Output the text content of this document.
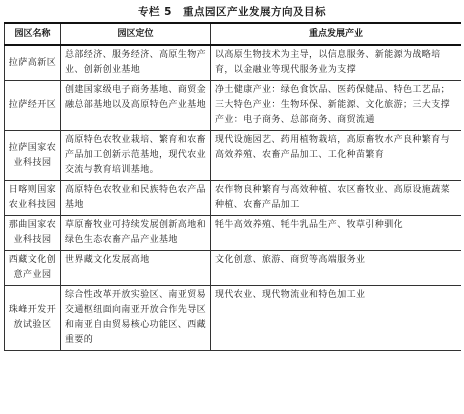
专栏 5　重点园区产业发展方向及目标
园区名称	园区定位	重点发展产业
拉萨高新区	总部经济、服务经济、高原生物产业、创新创业基地	以高原生物技术为主导，以信息服务、新能源为战略培育，以金融业等现代服务业为支撑
拉萨经开区	创建国家级电子商务基地、商贸金融总部基地以及高原特色产业基地	净土健康产业：绿色食饮品、医药保健品、特色工艺品；三大特色产业：生物环保、新能源、文化旅游；三大支撑产业：电子商务、总部商务、商贸流通
拉萨国家农业科技园	高原特色农牧业栽培、繁育和农畜产品加工创新示范基地，现代农业交流与教育培训基地。	现代设施园艺、药用植物栽培，高原畜牧水产良种繁育与高效养殖、农畜产品加工、工化种苗繁育
日喀则国家农业科技园	高原特色农牧业和民族特色农产品基地	农作物良种繁育与高效种植、农区畜牧业、高原设施蔬菜种植、农畜产品加工
那曲国家农业科技园	草原畜牧业可持续发展创新高地和绿色生态农畜产品产业基地	牦牛高效养殖、牦牛乳品生产、牧草引种驯化
西藏文化创意产业园	世界藏文化发展高地	文化创意、旅游、商贸等高端服务业
珠峰开发开放试验区	综合性改革开放实验区、南亚贸易交通枢纽面向南亚开放合作先导区和南亚自由贸易核心功能区、西藏重要的	现代农业、现代物流业和特色加工业
